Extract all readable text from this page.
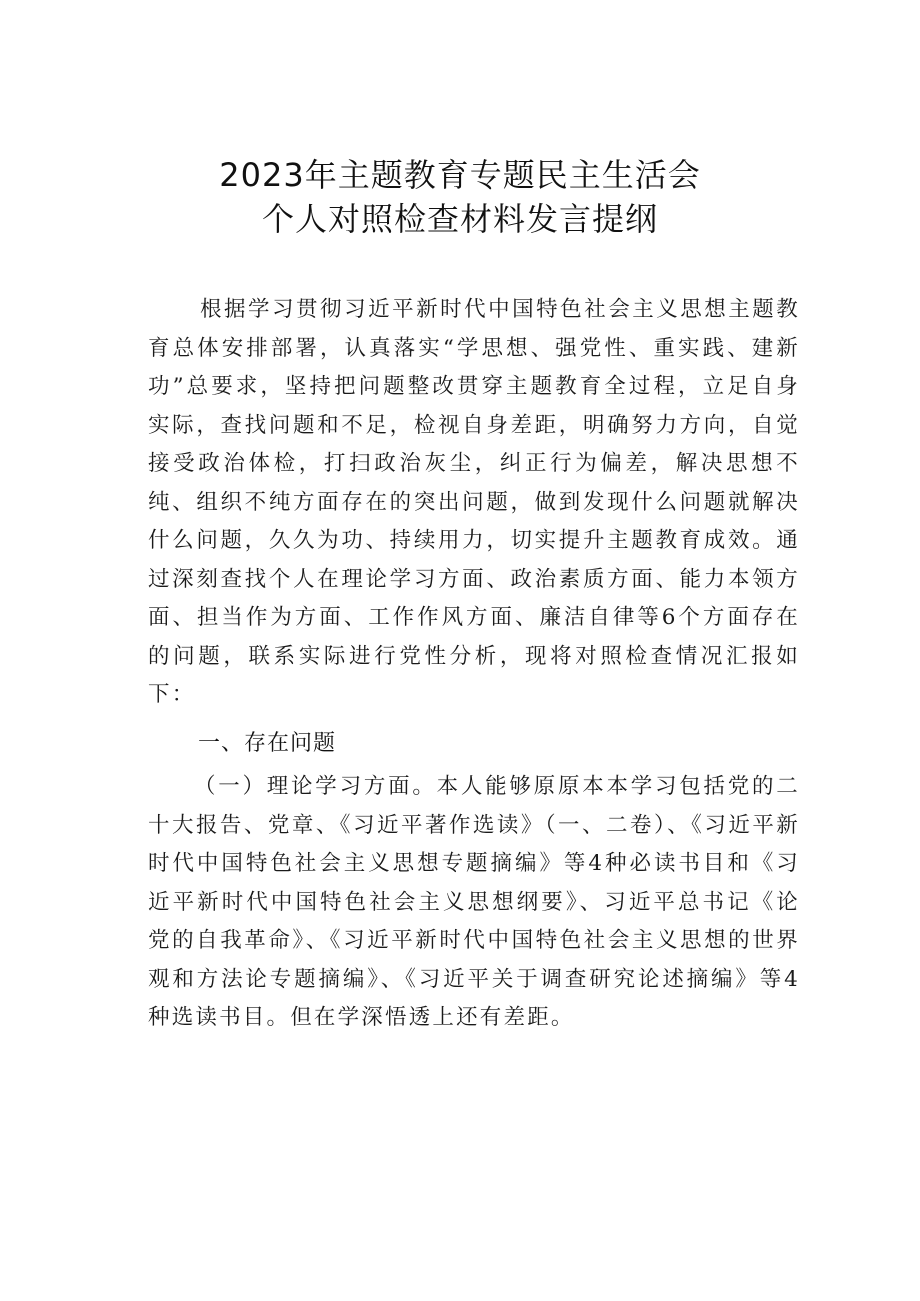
2023年主题教育专题民主生活会
个人对照检查材料发言提纲

根据学习贯彻习近平新时代中国特色社会主义思想主题教育总体安排部署，认真落实“学思想、强党性、重实践、建新功”总要求，坚持把问题整改贯穿主题教育全过程，立足自身实际，查找问题和不足，检视自身差距，明确努力方向，自觉接受政治体检，打扫政治灰尘，纠正行为偏差，解决思想不纯、组织不纯方面存在的突出问题，做到发现什么问题就解决什么问题，久久为功、持续用力，切实提升主题教育成效。通过深刻查找个人在理论学习方面、政治素质方面、能力本领方面、担当作为方面、工作作风方面、廉洁自律等6个方面存在的问题，联系实际进行党性分析，现将对照检查情况汇报如下：

一、存在问题

（一）理论学习方面。本人能够原原本本学习包括党的二十大报告、党章、《习近平著作选读》（一、二卷）、《习近平新时代中国特色社会主义思想专题摘编》等4种必读书目和《习近平新时代中国特色社会主义思想纲要》、习近平总书记《论党的自我革命》、《习近平新时代中国特色社会主义思想的世界观和方法论专题摘编》、《习近平关于调查研究论述摘编》等4种选读书目。但在学深悟透上还有差距。
